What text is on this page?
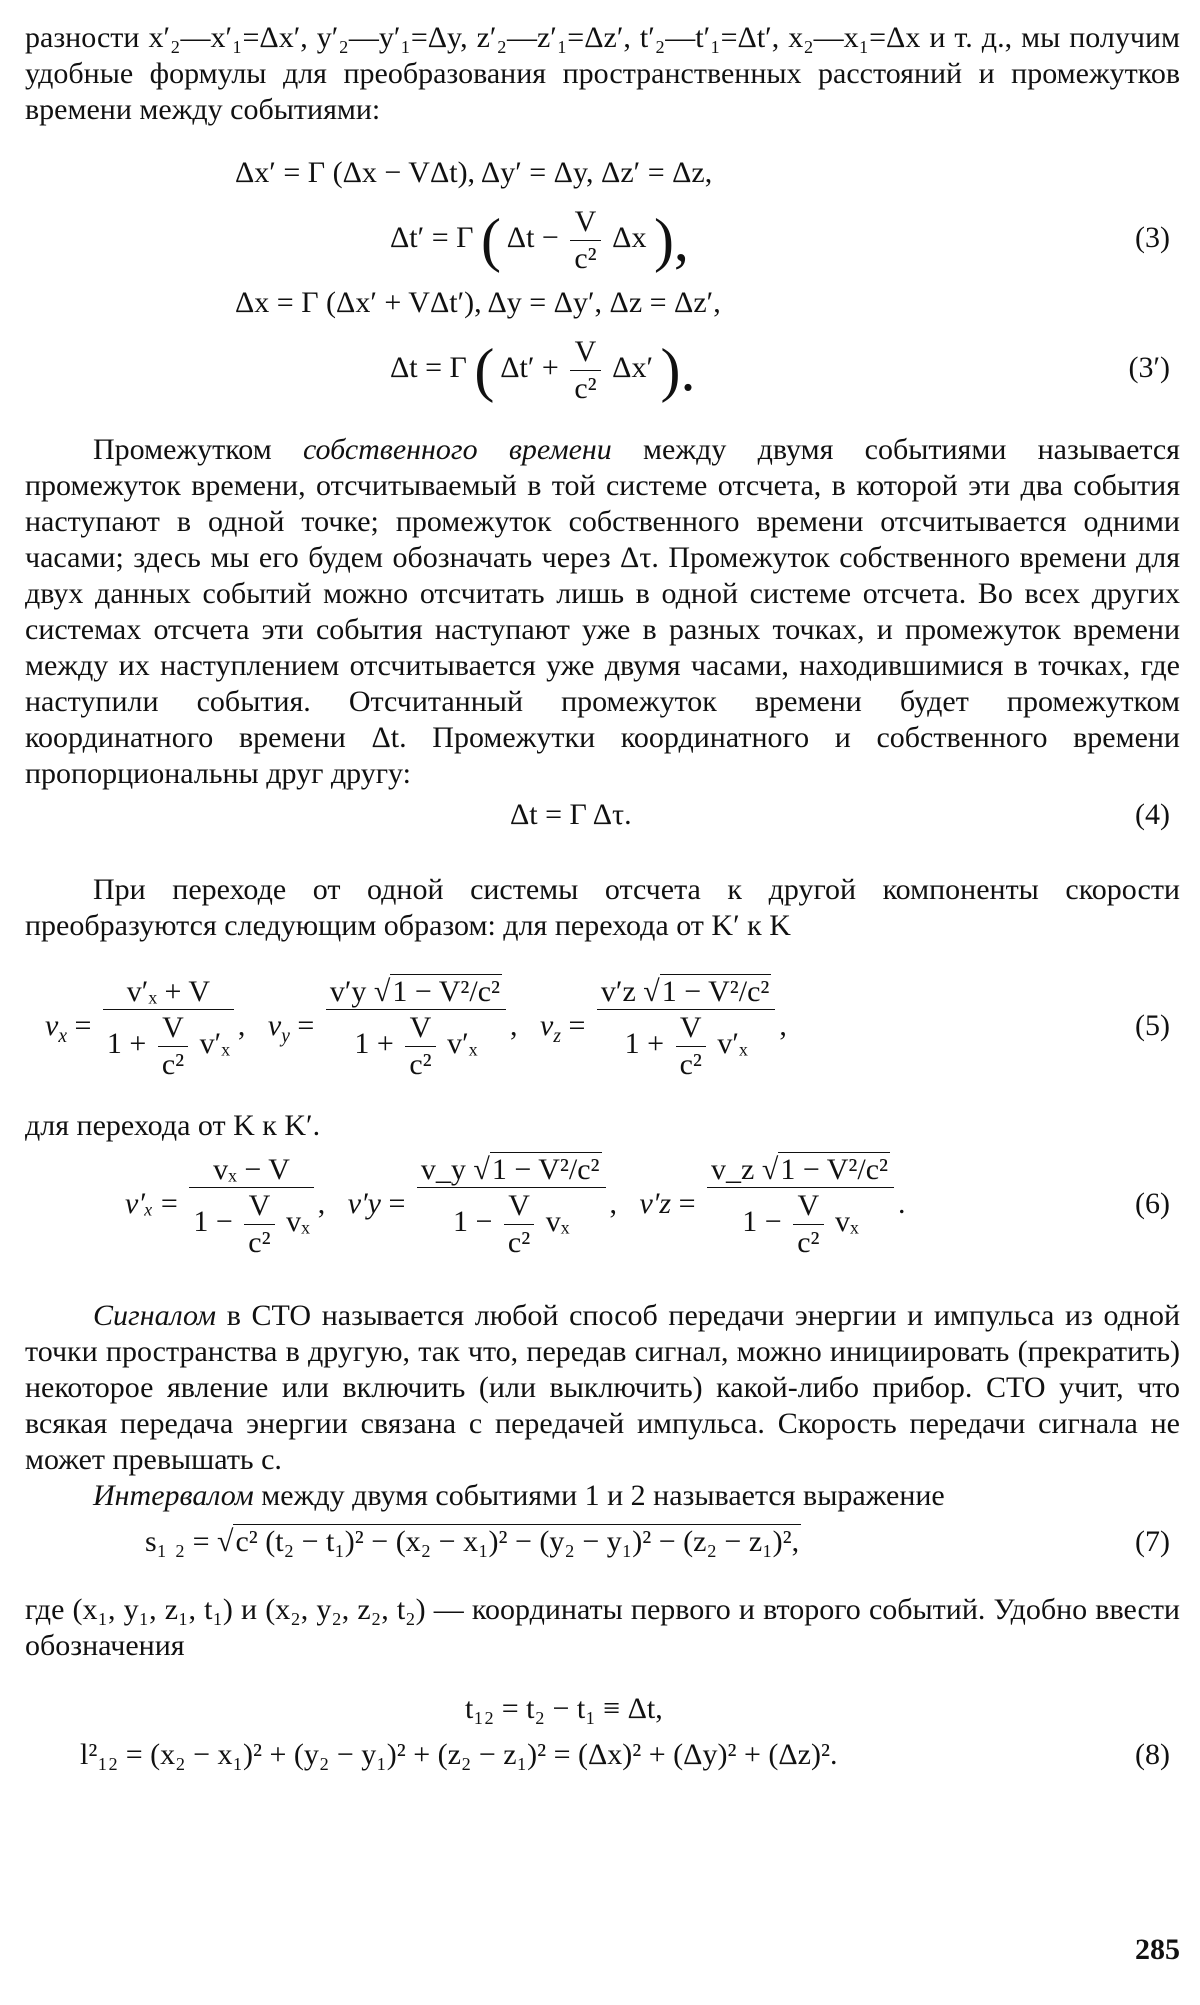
разности x′₂—x′₁=Δx′, y′₂—y′₁=Δy, z′₂—z′₁=Δz′, t′₂—t′₁=Δt′, x₂—x₁=Δx и т. д., мы получим удобные формулы для преобразования пространственных расстояний и промежутков времени между событиями:

Δx′ = Γ (Δx − VΔt), Δy′ = Δy, Δz′ = Δz,
Δt′ = Γ ( $\Delta t - \frac{V}{\text{c²}}$ Δx ),	(3)
Δx = Γ (Δx′ + VΔt′), Δy = Δy′, Δz = Δz′,
Δt = Γ ( $\Delta t' + \frac{V}{\text{c²}} \Delta x'$ ).	(3′)

Промежутком собственного времени между двумя событиями называется промежуток времени, отсчитываемый в той системе отсчета, в которой эти два события наступают в одной точке; промежуток собственного времени отсчитывается одними часами; здесь мы его будем обозначать через Δτ. Промежуток собственного времени для двух данных событий можно отсчитать лишь в одной системе отсчета. Во всех других системах отсчета эти события наступают уже в разных точках, и промежуток времени между их наступлением отсчитывается уже двумя часами, находившимися в точках, где наступили события. Отсчитанный промежуток времени будет промежутком координатного времени Δt. Промежутки координатного и собственного времени пропорциональны друг другу:

Δt = Γ Δτ.	(4)

При переходе от одной системы отсчета к другой компоненты скорости преобразуются следующим образом: для перехода от K′ к K

$v_x = \frac{\text{v′ₓ + V}}{1 + \frac{V}{\text{c²}} v'_x}$ ,   $v_y = \frac{\text{v′y √1 − V²/c²}}{1 + \frac{V}{\text{c²}} v'_x}$ ,   $v_z = \frac{\text{v′z √1 − V²/c²}}{1 + \frac{V}{\text{c²}} v'_x}$ ,	(5)

для перехода от K к K′.

$v'_x = \frac{\text{vₓ − V}}{1 - \frac{V}{\text{c²}} v_x}$ ,   $v'y = \frac{\text{v\_y √1 − V²/c²}}{1 - \frac{V}{\text{c²}} v_x}$ ,   $v'z = \frac{\text{v\_z √1 − V²/c²}}{1 - \frac{V}{\text{c²}} v_x}$ .	(6)

Сигналом в СТО называется любой способ передачи энергии и импульса из одной точки пространства в другую, так что, передав сигнал, можно инициировать (прекратить) некоторое явление или включить (или выключить) какой-либо прибор. СТО учит, что всякая передача энергии связана с передачей импульса. Скорость передачи сигнала не может превышать c.

Интервалом между двумя событиями 1 и 2 называется выражение

s₁ ₂ = √c² (t₂ − t₁)² − (x₂ − x₁)² − (y₂ − y₁)² − (z₂ − z₁)²,	(7)

где (x₁, y₁, z₁, t₁) и (x₂, y₂, z₂, t₂) — координаты первого и второго событий. Удобно ввести обозначения

t₁₂ = t₂ − t₁ ≡ Δt,
l²₁₂ = (x₂ − x₁)² + (y₂ − y₁)² + (z₂ − z₁)² = (Δx)² + (Δy)² + (Δz)².	(8)
285
